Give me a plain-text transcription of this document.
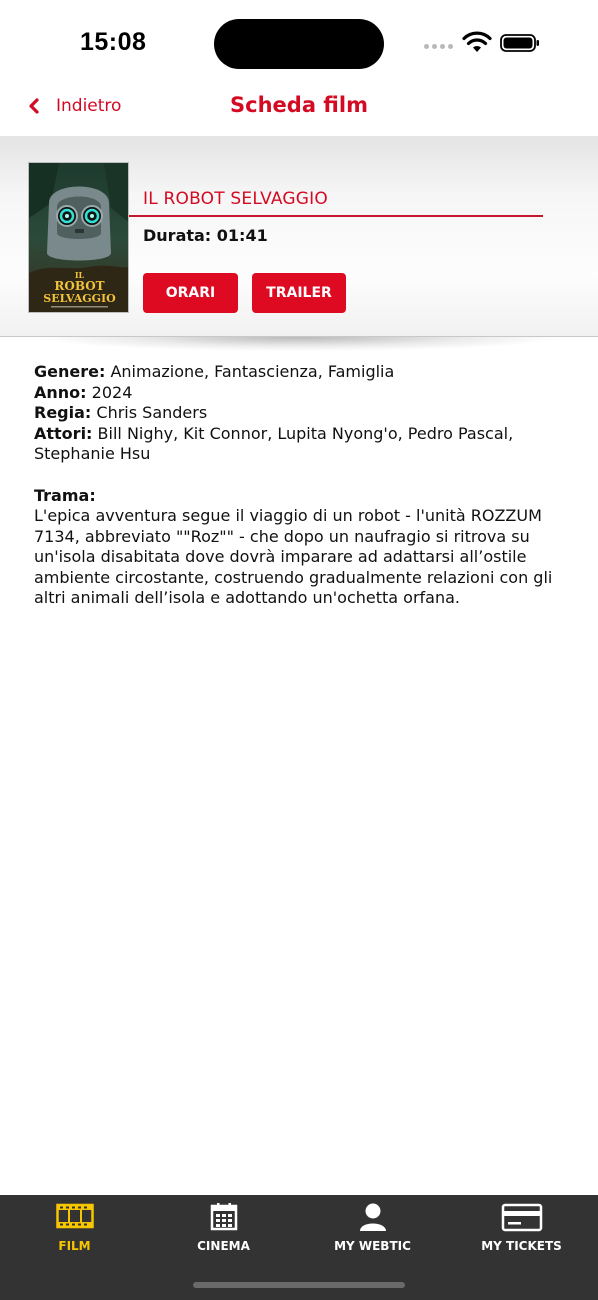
15:08
Indietro	Scheda film
IL
ROBOT
SELVAGGIO
IL ROBOT SELVAGGIO
Durata: 01:41
ORARI	TRAILER
Genere: Animazione, Fantascienza, Famiglia
Anno: 2024
Regia: Chris Sanders
Attori: Bill Nighy, Kit Connor, Lupita Nyong'o, Pedro Pascal, Stephanie Hsu
Trama:
L'epica avventura segue il viaggio di un robot - l'unità ROZZUM 7134, abbreviato ""Roz"" - che dopo un naufragio si ritrova su un'isola disabitata dove dovrà imparare ad adattarsi all’ostile ambiente circostante, costruendo gradualmente relazioni con gli altri animali dell’isola e adottando un'ochetta orfana.
FILM	CINEMA	MY WEBTIC	MY TICKETS
